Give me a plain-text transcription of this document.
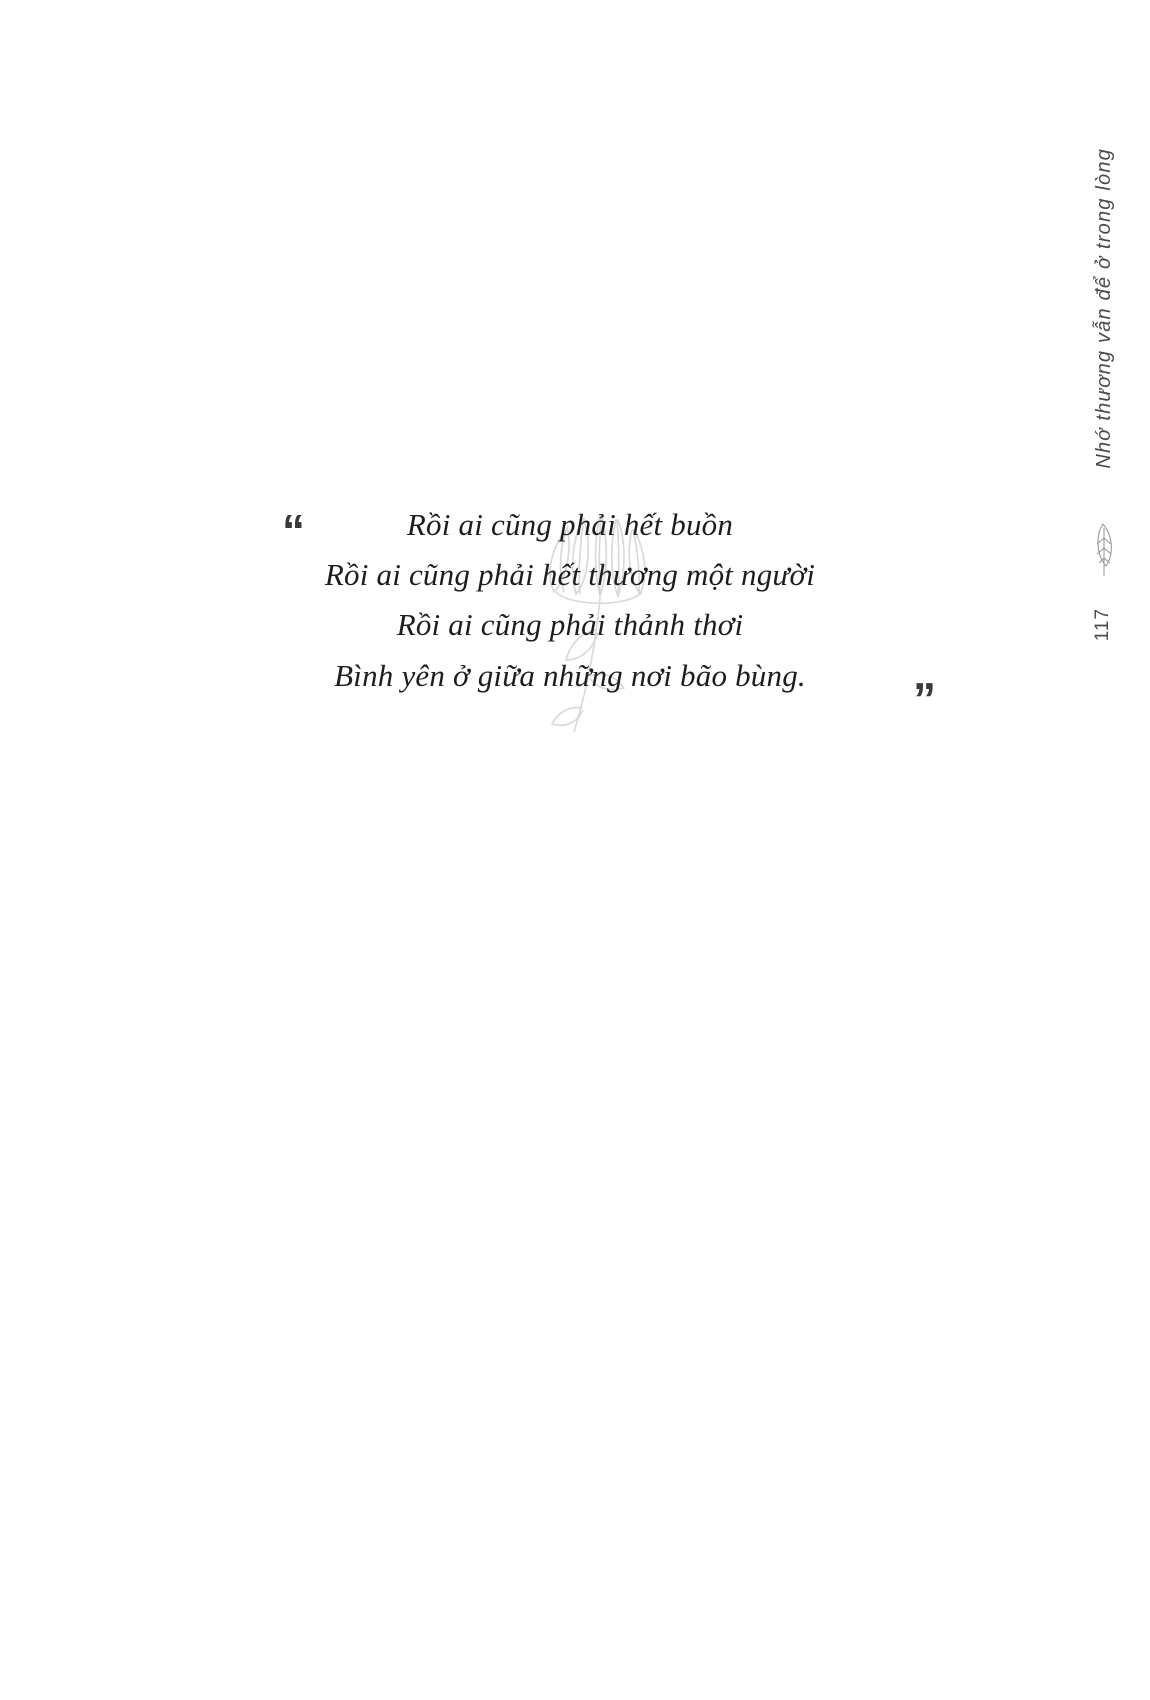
“	Rồi ai cũng phải hết buồn
Rồi ai cũng phải hết thương một người
Rồi ai cũng phải thảnh thơi
Bình yên ở giữa những nơi bão bùng.	”
Nhớ thương vẫn để ở trong lòng
117
